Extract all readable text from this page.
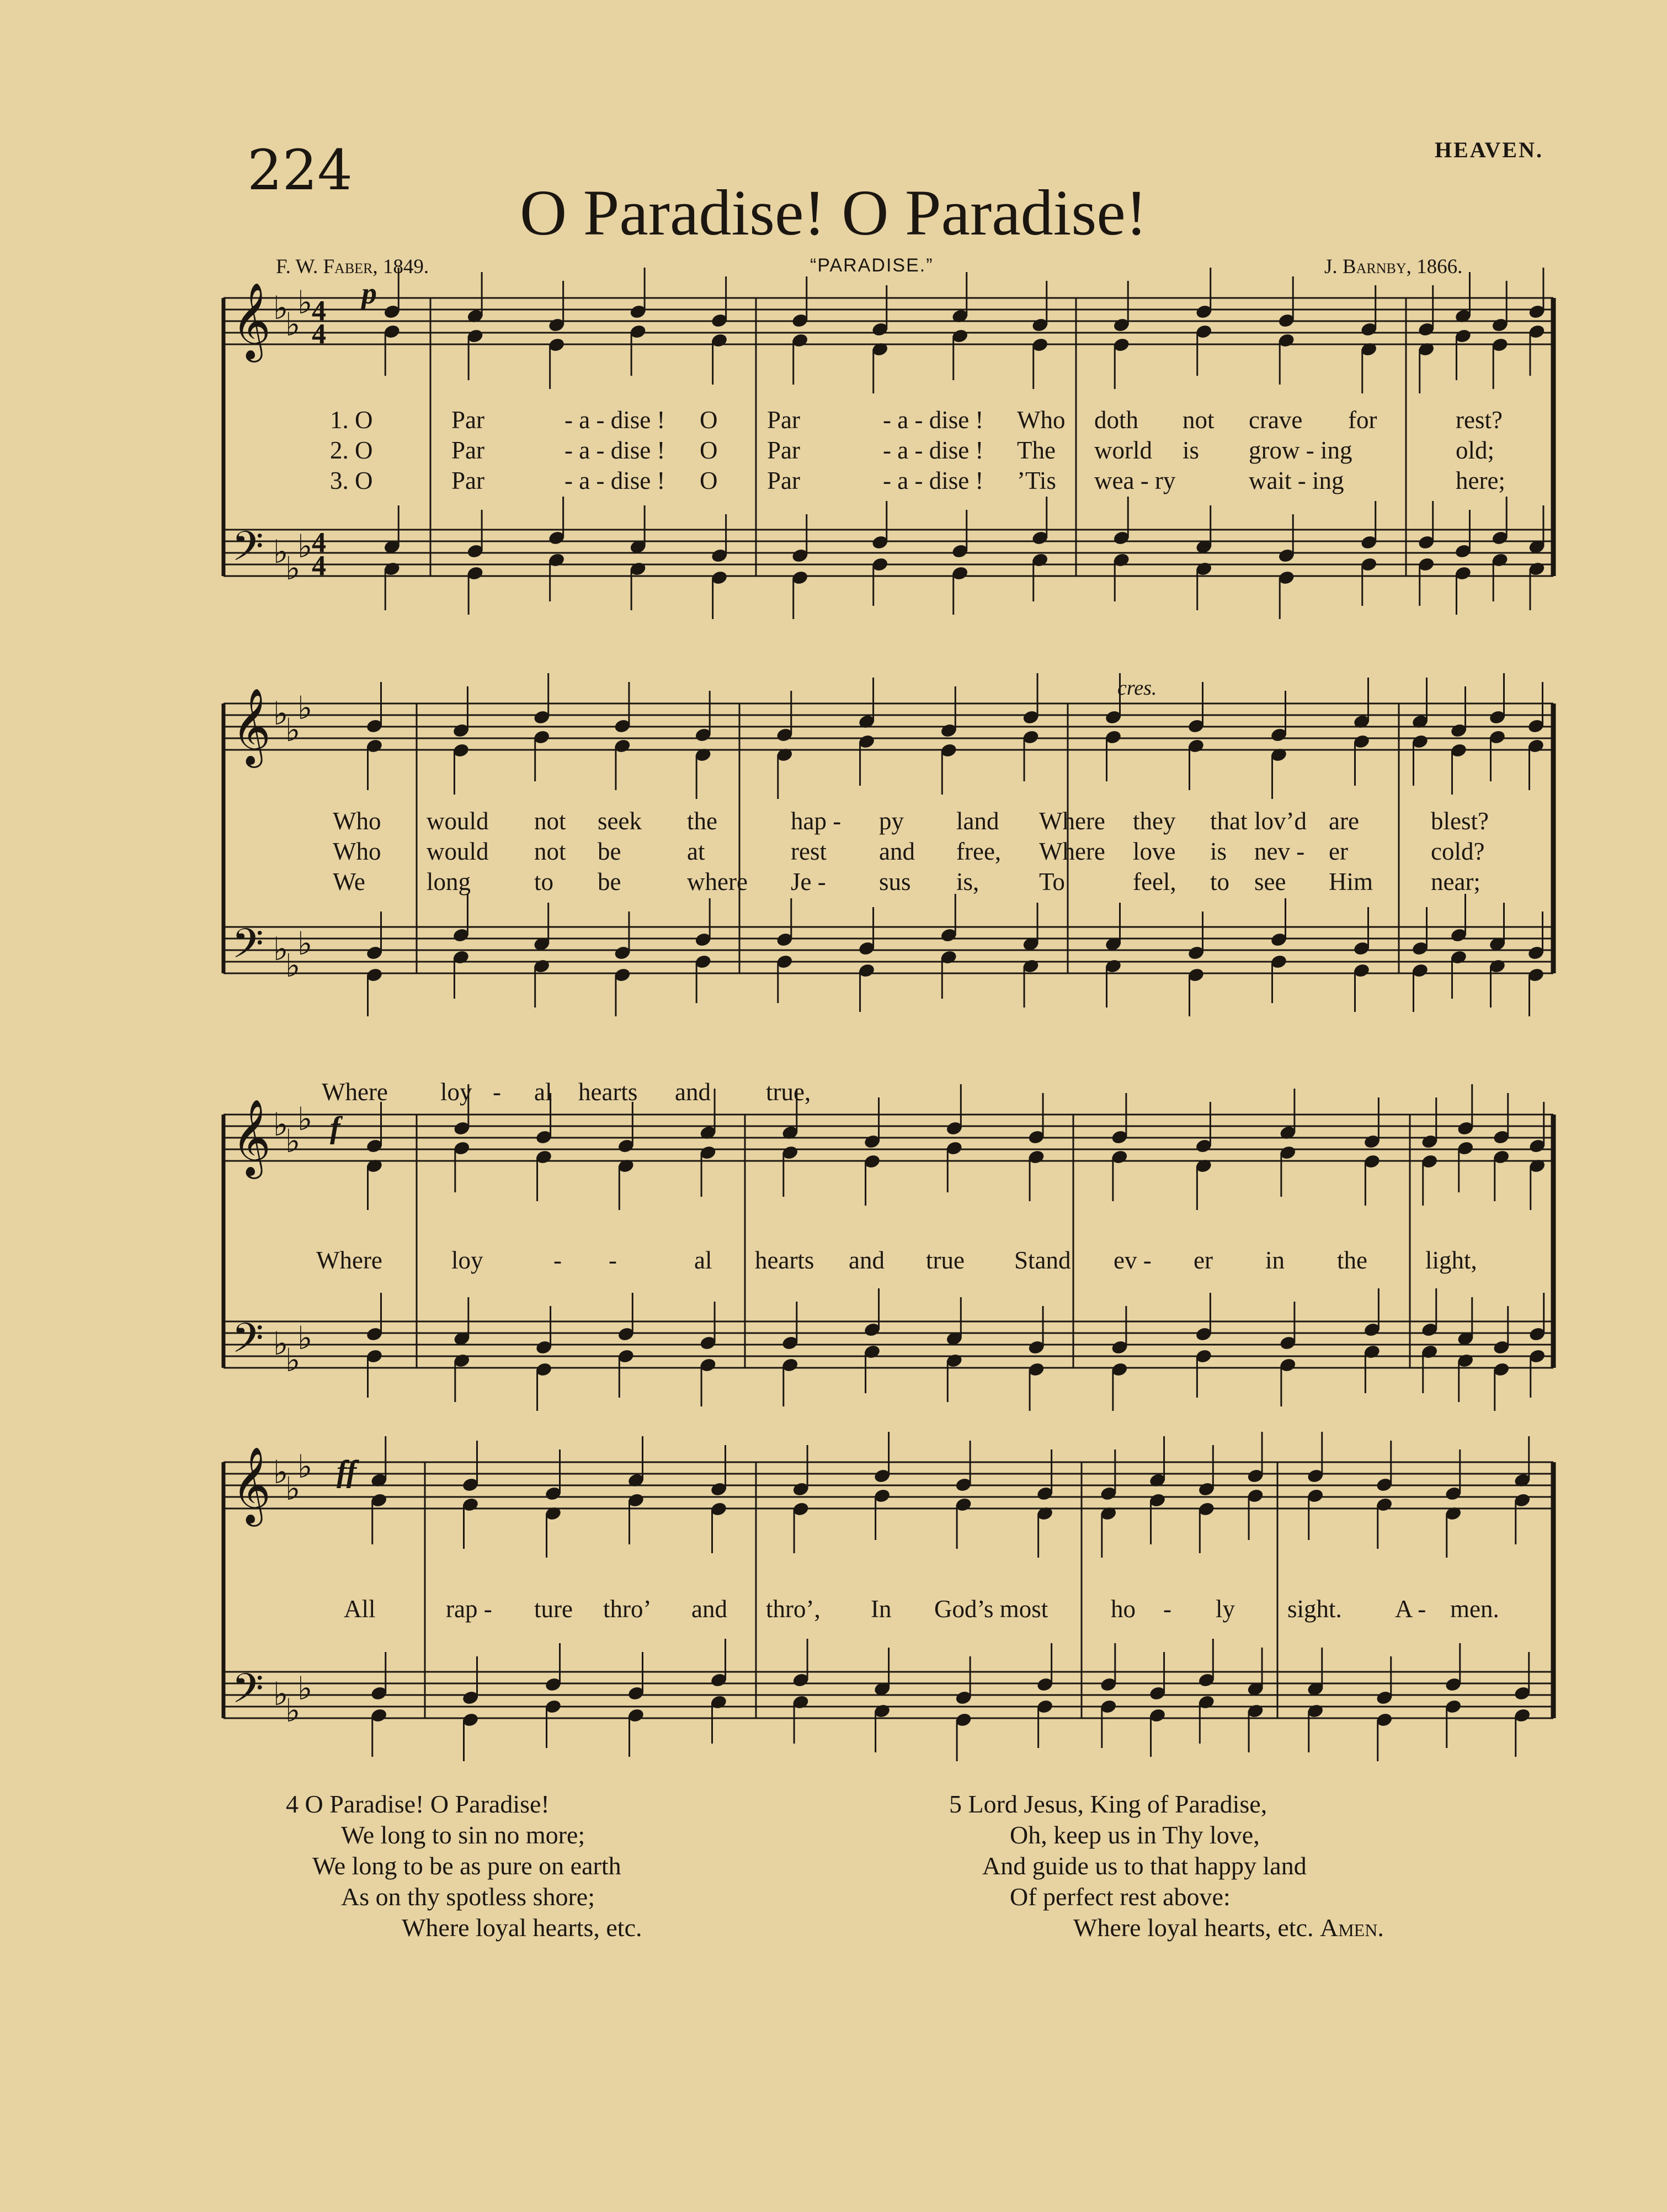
224	HEAVEN.
O Paradise! O Paradise!
F. W. Faber, 1849.	“PARADISE.”	J. Barnby, 1866.
𝄞
𝄢
♭
♭
♭
♭
♭
♭
4
4
4
4
𝄞
𝄢
♭
♭
♭
♭
♭
♭
𝄞
𝄢
♭
♭
♭
♭
♭
♭
𝄞
𝄢
♭
♭
♭
♭
♭
♭
p
cres.
f
ff
1. O	Par	- a - dise ! O Par	- a - dise ! Who doth not crave for	rest?
2. O	Par	- a - dise ! O Par	- a - dise ! The world is grow - ing	old;
3. O	Par	- a - dise ! O Par	- a - dise ! ’Tis wea - ry	wait - ing	here;
Who would not seek the	hap - py land Where they that lov’d are	blest?
Who would not be	at	rest and free, Where love is nev - er	cold?
We long	to be	where Je - sus is, To	feel, to see Him near;
Where loy - al hearts and true,
Where	loy	- -	al hearts and true Stand ev - er in the light,
All	rap - ture thro’ and thro’, In God’s most	ho - ly sight. A - men.
4 O Paradise! O Paradise!
We long to sin no more;
We long to be as pure on earth
As on thy spotless shore;
Where loyal hearts, etc.
5 Lord Jesus, King of Paradise,
Oh, keep us in Thy love,
And guide us to that happy land
Of perfect rest above:
Where loyal hearts, etc. Amen.
